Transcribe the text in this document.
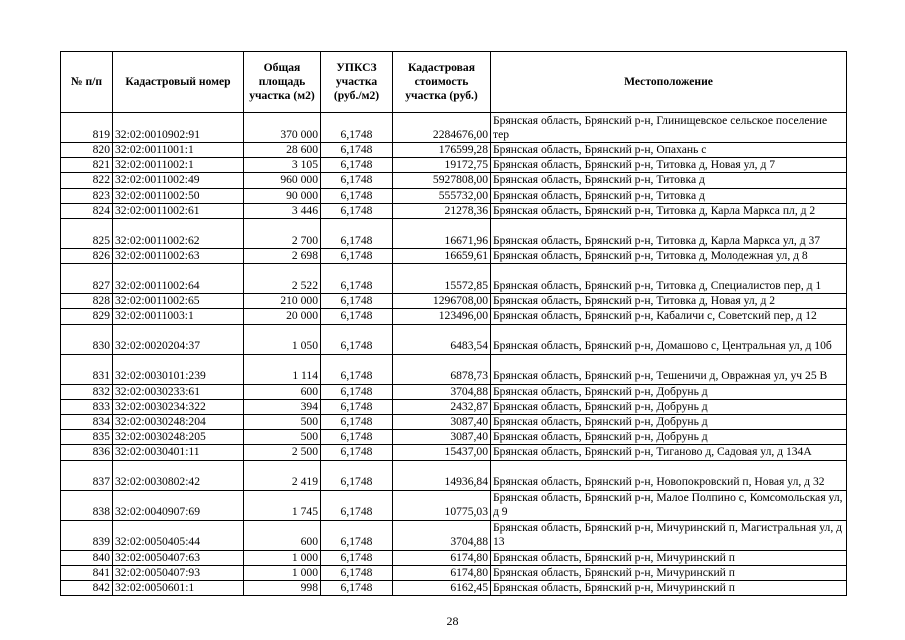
№ п/п	Кадастровый номер	Общая площадь участка (м2)	УПКСЗ участка (руб./м2)	Кадастровая стоимость участка (руб.)	Местоположение
819	32:02:0010902:91	370 000	6,1748	2284676,00	Брянская область, Брянский р-н, Глинищевское сельское поселение тер
820	32:02:0011001:1	28 600	6,1748	176599,28	Брянская область, Брянский р-н, Опахань с
821	32:02:0011002:1	3 105	6,1748	19172,75	Брянская область, Брянский р-н, Титовка д, Новая ул, д 7
822	32:02:0011002:49	960 000	6,1748	5927808,00	Брянская область, Брянский р-н, Титовка д
823	32:02:0011002:50	90 000	6,1748	555732,00	Брянская область, Брянский р-н, Титовка д
824	32:02:0011002:61	3 446	6,1748	21278,36	Брянская область, Брянский р-н, Титовка д, Карла Маркса пл, д 2
825	32:02:0011002:62	2 700	6,1748	16671,96	Брянская область, Брянский р-н, Титовка д, Карла Маркса ул, д 37
826	32:02:0011002:63	2 698	6,1748	16659,61	Брянская область, Брянский р-н, Титовка д, Молодежная ул, д 8
827	32:02:0011002:64	2 522	6,1748	15572,85	Брянская область, Брянский р-н, Титовка д, Специалистов пер, д 1
828	32:02:0011002:65	210 000	6,1748	1296708,00	Брянская область, Брянский р-н, Титовка д, Новая ул, д 2
829	32:02:0011003:1	20 000	6,1748	123496,00	Брянская область, Брянский р-н, Кабаличи с, Советский пер, д 12
830	32:02:0020204:37	1 050	6,1748	6483,54	Брянская область, Брянский р-н, Домашово с, Центральная ул, д 10б
831	32:02:0030101:239	1 114	6,1748	6878,73	Брянская область, Брянский р-н, Тешеничи д, Овражная ул, уч 25 В
832	32:02:0030233:61	600	6,1748	3704,88	Брянская область, Брянский р-н, Добрунь д
833	32:02:0030234:322	394	6,1748	2432,87	Брянская область, Брянский р-н, Добрунь д
834	32:02:0030248:204	500	6,1748	3087,40	Брянская область, Брянский р-н, Добрунь д
835	32:02:0030248:205	500	6,1748	3087,40	Брянская область, Брянский р-н, Добрунь д
836	32:02:0030401:11	2 500	6,1748	15437,00	Брянская область, Брянский р-н, Тиганово д, Садовая ул, д 134А
837	32:02:0030802:42	2 419	6,1748	14936,84	Брянская область, Брянский р-н, Новопокровский п, Новая ул, д 32
838	32:02:0040907:69	1 745	6,1748	10775,03	Брянская область, Брянский р-н, Малое Полпино с, Комсомольская ул, д 9
839	32:02:0050405:44	600	6,1748	3704,88	Брянская область, Брянский р-н, Мичуринский п, Магистральная ул, д 13
840	32:02:0050407:63	1 000	6,1748	6174,80	Брянская область, Брянский р-н, Мичуринский п
841	32:02:0050407:93	1 000	6,1748	6174,80	Брянская область, Брянский р-н, Мичуринский п
842	32:02:0050601:1	998	6,1748	6162,45	Брянская область, Брянский р-н, Мичуринский п
28
